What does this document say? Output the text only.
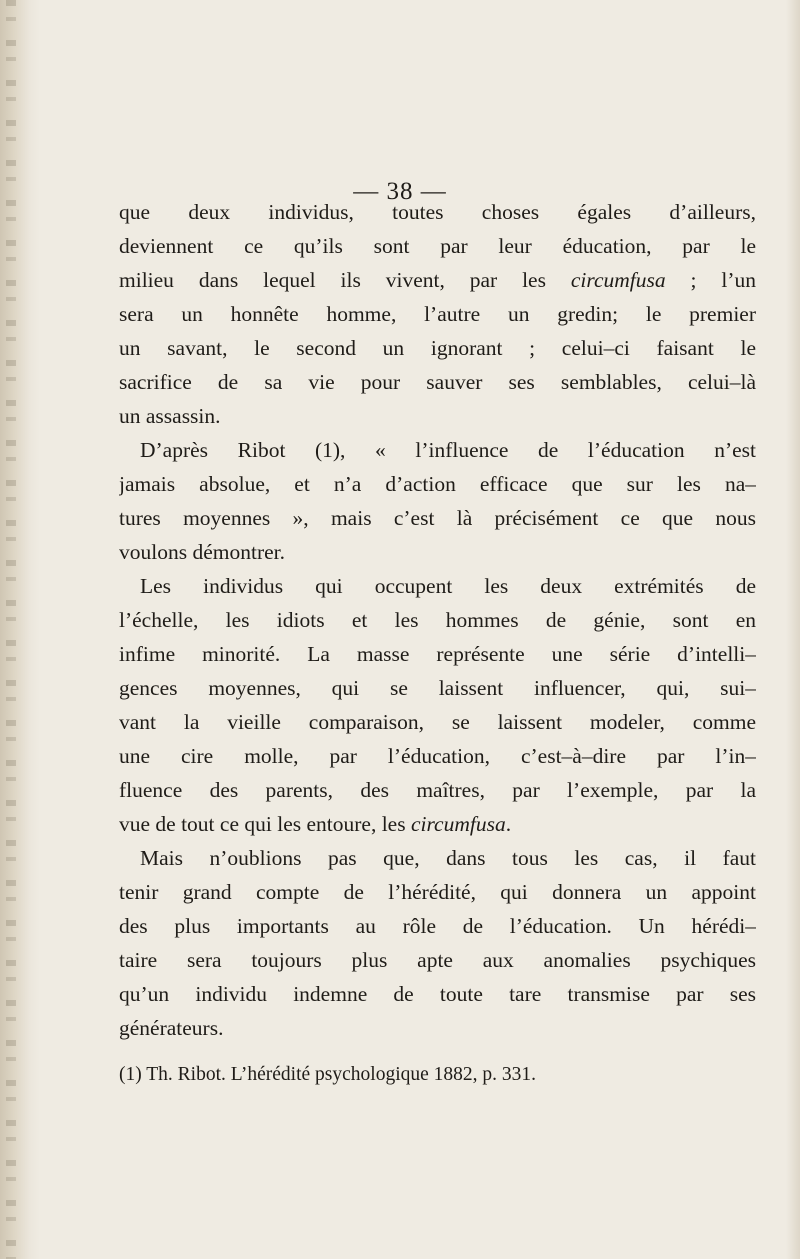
— 38 —
que deux individus, toutes choses égales d’ailleurs,
deviennent ce qu’ils sont par leur éducation, par le
milieu dans lequel ils vivent, par les circumfusa ; l’un
sera un honnête homme, l’autre un gredin; le premier
un savant, le second un ignorant ; celui–ci faisant le
sacrifice de sa vie pour sauver ses semblables, celui–là
un assassin.
D’après Ribot (1), « l’influence de l’éducation n’est
jamais absolue, et n’a d’action efficace que sur les na–
tures moyennes », mais c’est là précisément ce que nous
voulons démontrer.
Les individus qui occupent les deux extrémités de
l’échelle, les idiots et les hommes de génie, sont en
infime minorité. La masse représente une série d’intelli–
gences moyennes, qui se laissent influencer, qui, sui–
vant la vieille comparaison, se laissent modeler, comme
une cire molle, par l’éducation, c’est–à–dire par l’in–
fluence des parents, des maîtres, par l’exemple, par la
vue de tout ce qui les entoure, les circumfusa.
Mais n’oublions pas que, dans tous les cas, il faut
tenir grand compte de l’hérédité, qui donnera un appoint
des plus importants au rôle de l’éducation. Un hérédi–
taire sera toujours plus apte aux anomalies psychiques
qu’un individu indemne de toute tare transmise par ses
générateurs.
(1) Th. Ribot. L’hérédité psychologique 1882, p. 331.
